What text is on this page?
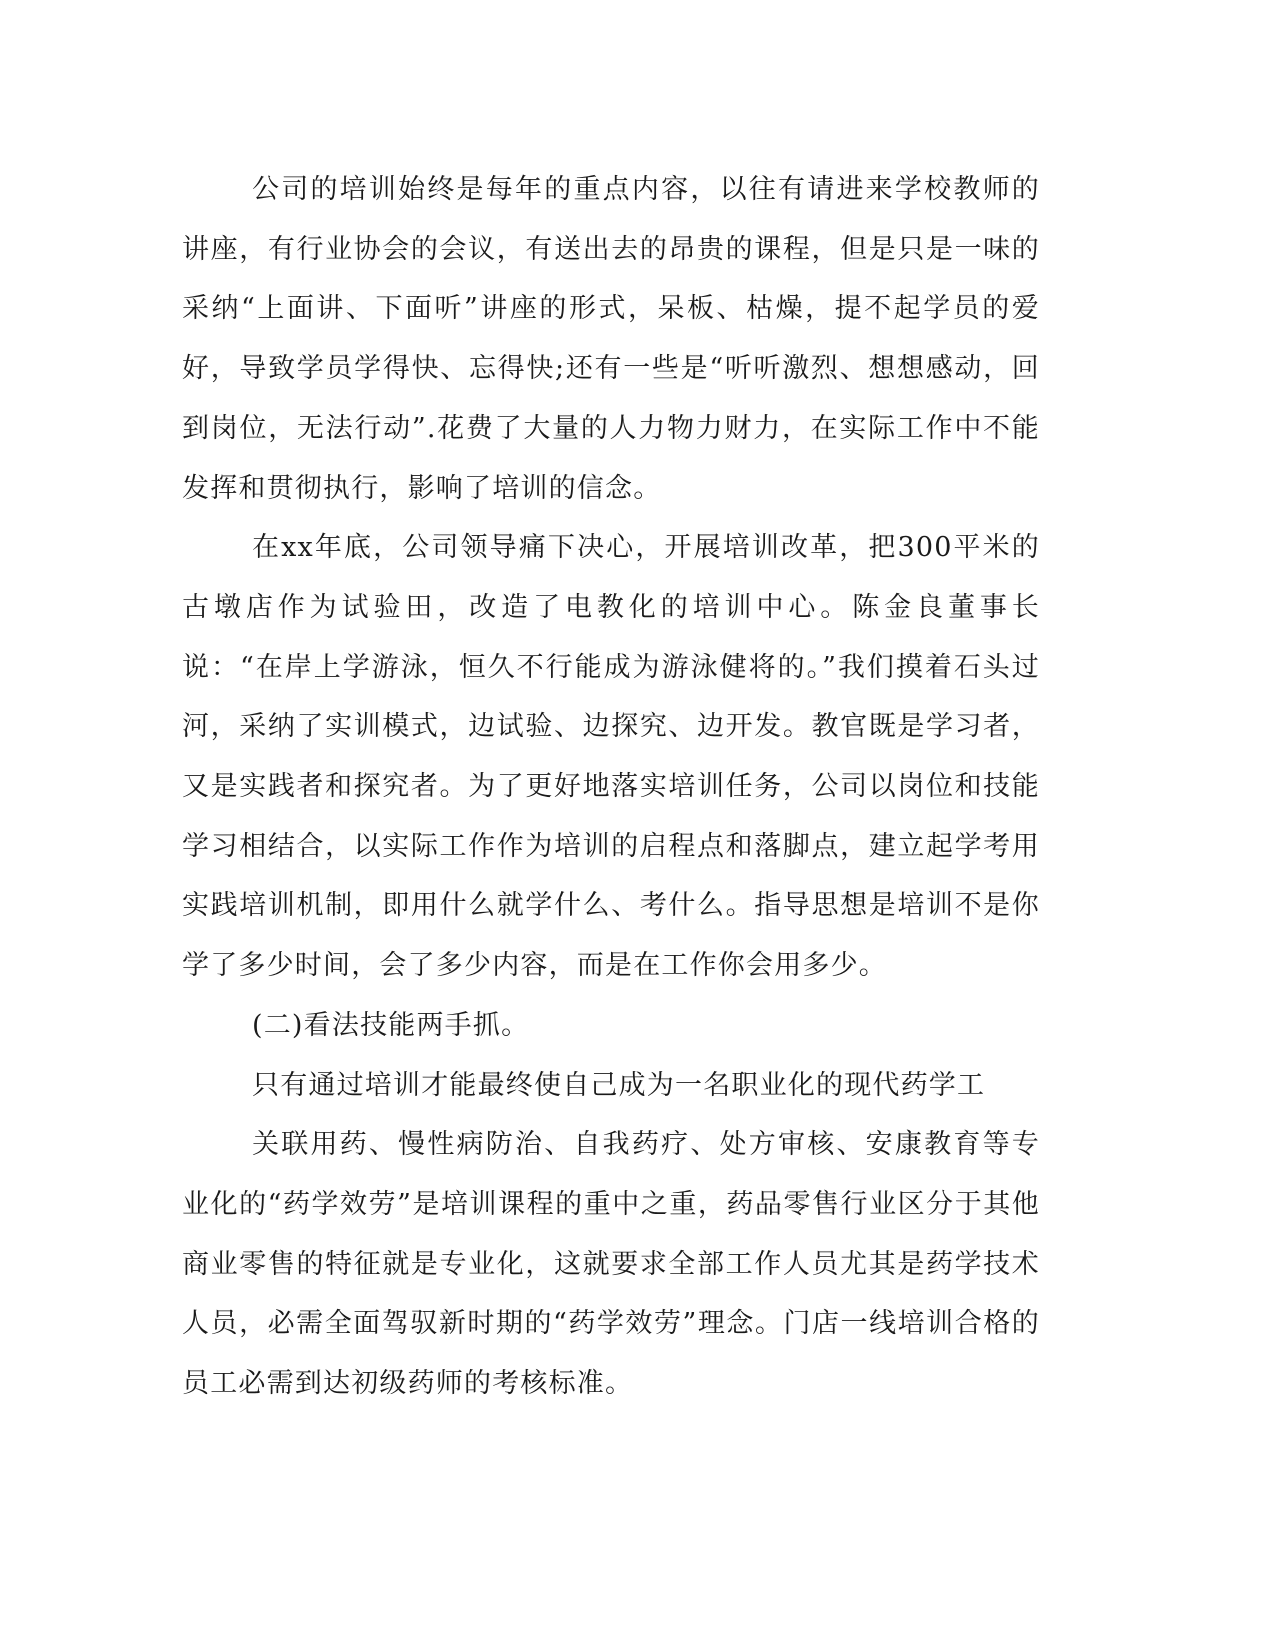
公司的培训始终是每年的重点内容，以往有请进来学校教师的讲座，有行业协会的会议，有送出去的昂贵的课程，但是只是一味的采纳“上面讲、下面听”讲座的形式，呆板、枯燥，提不起学员的爱好，导致学员学得快、忘得快;还有一些是“听听激烈、想想感动，回到岗位，无法行动”.花费了大量的人力物力财力，在实际工作中不能发挥和贯彻执行，影响了培训的信念。

在xx年底，公司领导痛下决心，开展培训改革，把300平米的古墩店作为试验田，改造了电教化的培训中心。陈金良董事长说：“在岸上学游泳，恒久不行能成为游泳健将的。”我们摸着石头过河，采纳了实训模式，边试验、边探究、边开发。教官既是学习者，又是实践者和探究者。为了更好地落实培训任务，公司以岗位和技能学习相结合，以实际工作作为培训的启程点和落脚点，建立起学考用实践培训机制，即用什么就学什么、考什么。指导思想是培训不是你学了多少时间，会了多少内容，而是在工作你会用多少。

(二)看法技能两手抓。

只有通过培训才能最终使自己成为一名职业化的现代药学工

关联用药、慢性病防治、自我药疗、处方审核、安康教育等专业化的“药学效劳”是培训课程的重中之重，药品零售行业区分于其他商业零售的特征就是专业化，这就要求全部工作人员尤其是药学技术人员，必需全面驾驭新时期的“药学效劳”理念。门店一线培训合格的员工必需到达初级药师的考核标准。
